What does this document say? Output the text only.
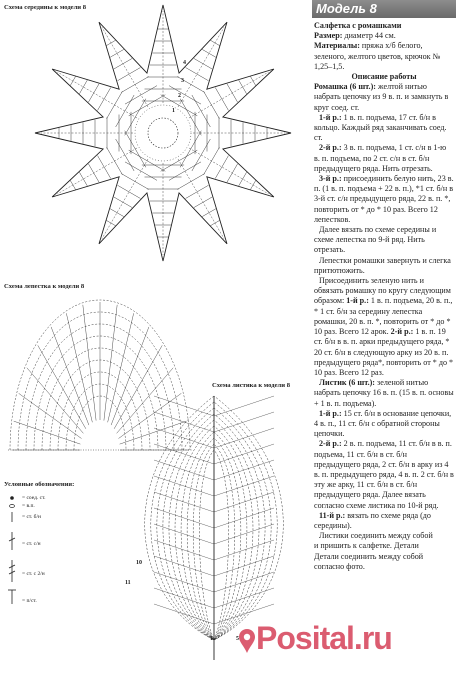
Схема середины к модели 8
Схема лепестка к модели 8
Схема листика к модели 8
Условные обозначения:
= соед. ст.
= в.п.
= ст. б/н
= ст. с/н
= ст. с 2/н
= п/ст.
1
2
3
4
1	5
10
11
Модель 8

Салфетка с ромашками

Размер: диаметр 44 см.

Материалы: пряжа х/б белого, зеленого, желтого цветов, крючок № 1,25–1,5.

Описание работы

Ромашка (6 шт.): желтой нитью набрать цепочку из 9 в. п. и замкнуть в круг соед. ст.

1-й р.: 1 в. п. подъема, 17 ст. б/н в кольцо. Каждый ряд заканчивать соед. ст.

2-й р.: 3 в. п. подъема, 1 ст. с/н в 1-ю в. п. подъема, по 2 ст. с/н в ст. б/н предыдущего ряда. Нить отрезать.

3-й р.: присоединить белую нить, 23 в. п. (1 в. п. подъема + 22 в. п.), *1 ст. б/н в 3-й ст. с/н предыдущего ряда, 22 в. п. *, повторить от * до * 10 раз. Всего 12 лепестков.

Далее вязать по схеме середины и схеме лепестка по 9-й ряд. Нить отрезать.

Лепестки ромашки завернуть и слегка притютюжить.

Присоединить зеленую нить и обвязать ромашку по кругу следующим образом: 1-й р.: 1 в. п. подъема, 20 в. п., * 1 ст. б/н за середину лепестка ромашки, 20 в. п. *, повторить от * до * 10 раз. Всего 12 арок. 2-й р.: 1 в. п. 19 ст. б/н в в. п. арки предыдущего ряда, * 20 ст. б/н в следующую арку из 20 в. п. предыдущего ряда*, повторить от * до * 10 раз. Всего 12 раз.

Листик (6 шт.): зеленой нитью набрать цепочку 16 в. п. (15 в. п. основы + 1 в. п. подъема).

1-й р.: 15 ст. б/н в основание цепочки, 4 в. п., 11 ст. б/н с обратной стороны цепочки.

2-й р.: 2 в. п. подъема, 11 ст. б/н в в. п. подъема, 11 ст. б/н в ст. б/н предыдущего ряда, 2 ст. б/н в арку из 4 в. п. предыдущего ряда, 4 в. п. 2 ст. б/н в эту же арку, 11 ст. б/н в ст. б/н предыдущего ряда. Далее вязать согласно схеме листика по 10-й ряд.

11-й р.: вязать по схеме ряда (до середины).

Листики соединить между собой

и пришить к салфетке. Детали

Детали соединить между собой

согласно фото.

Posital.ru
